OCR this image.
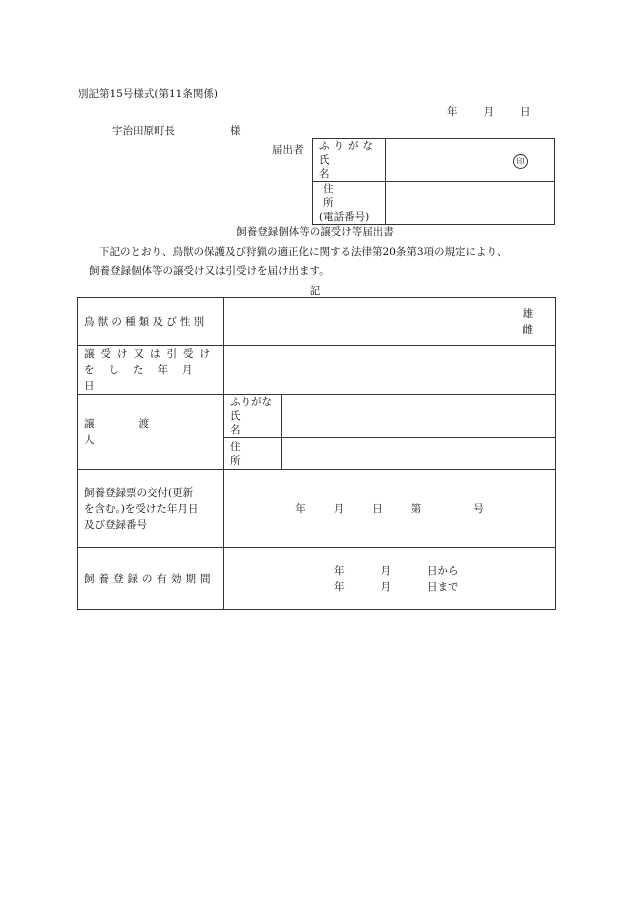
別記第15号様式(第11条関係)
年 月 日
宇治田原町長	様
届出者 ふりがな
氏名	印

住所
(電話番号)	

飼養登録個体等の譲受け等届出書
下記のとおり、鳥獣の保護及び狩猟の適正化に関する法律第20条第3項の規定により、
飼養登録個体等の譲受け又は引受けを届け出ます。
記
鳥獣の種類及び性別	雄
雌	

譲受け又は引受け
をした年月日		

譲渡人	ふりがな
氏名	

	住所	

飼養登録票の交付(更新
を含む。)を受けた年月日
及び登録番号	年 月 日 第 号	

飼養登録の有効期間	年 月 日から
年 月 日まで	
